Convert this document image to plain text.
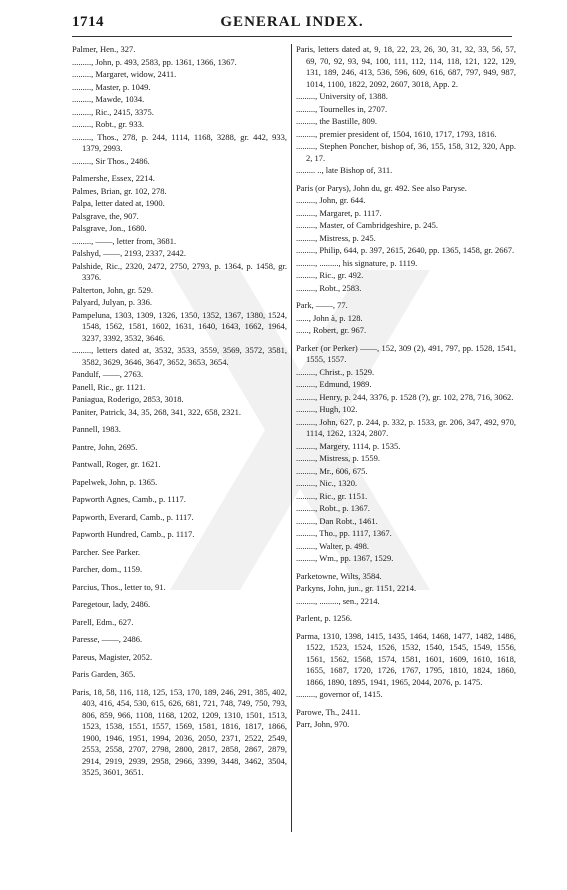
1714	GENERAL INDEX.
Palmer, Hen., 327.
........., John, p. 493, 2583, pp. 1361, 1366, 1367.
........., Margaret, widow, 2411.
........., Master, p. 1049.
........., Mawde, 1034.
........., Ric., 2415, 3375.
........., Robt., gr. 933.
........., Thos., 278, p. 244, 1114, 1168, 3288, gr. 442, 933, 1379, 2993.
........., Sir Thos., 2486.
Palmershe, Essex, 2214.
Palmes, Brian, gr. 102, 278.
Palpa, letter dated at, 1900.
Palsgrave, the, 907.
Palsgrave, Jon., 1680.
........., ——, letter from, 3681.
Palshyd, ——, 2193, 2337, 2442.
Palshide, Ric., 2320, 2472, 2750, 2793, p. 1364, p. 1458, gr. 3376.
Palterton, John, gr. 529.
Palyard, Julyan, p. 336.
Pampeluna, 1303, 1309, 1326, 1350, 1352, 1367, 1380, 1524, 1548, 1562, 1581, 1602, 1631, 1640, 1643, 1662, 1964, 3237, 3392, 3532, 3646.
........., letters dated at, 3532, 3533, 3559, 3569, 3572, 3581, 3582, 3629, 3646, 3647, 3652, 3653, 3654.
Pandulf, ——, 2763.
Panell, Ric., gr. 1121.
Paniagua, Roderigo, 2853, 3018.
Paniter, Patrick, 34, 35, 268, 341, 322, 658, 2321.
Pannell, 1983.
Pantre, John, 2695.
Pantwall, Roger, gr. 1621.
Papelwek, John, p. 1365.
Papworth Agnes, Camb., p. 1117.
Papworth, Everard, Camb., p. 1117.
Papworth Hundred, Camb., p. 1117.
Parcher. See Parker.
Parcher, dom., 1159.
Parcius, Thos., letter to, 91.
Paregetour, lady, 2486.
Parell, Edm., 627.
Paresse, ——, 2486.
Pareus, Magister, 2052.
Paris Garden, 365.
Paris, 18, 58, 116, 118, 125, 153, 170, 189, 246, 291, 385, 402, 403, 416, 454, 530, 615, 626, 681, 721, 748, 749, 750, 793, 806, 859, 966, 1108, 1168, 1202, 1209, 1310, 1501, 1513, 1523, 1538, 1551, 1557, 1569, 1581, 1816, 1817, 1866, 1900, 1946, 1951, 1994, 2036, 2050, 2371, 2522, 2549, 2553, 2558, 2707, 2798, 2800, 2817, 2858, 2867, 2879, 2914, 2919, 2939, 2958, 2966, 3399, 3448, 3462, 3504, 3525, 3601, 3651.
Paris, letters dated at, 9, 18, 22, 23, 26, 30, 31, 32, 33, 56, 57, 69, 70, 92, 93, 94, 100, 111, 112, 114, 118, 121, 122, 129, 131, 189, 246, 413, 536, 596, 609, 616, 687, 797, 949, 987, 1014, 1100, 1822, 2092, 2607, 3018, App. 2.
........., University of, 1388.
........., Tournelles in, 2707.
........., the Bastille, 809.
........., premier president of, 1504, 1610, 1717, 1793, 1816.
........., Stephen Poncher, bishop of, 36, 155, 158, 312, 320, App. 2, 17.
......... .., late Bishop of, 311.
Paris (or Parys), John du, gr. 492. See also Paryse.
........., John, gr. 644.
........., Margaret, p. 1117.
........., Master, of Cambridgeshire, p. 245.
........., Mistress, p. 245.
........., Philip, 644, p. 397, 2615, 2640, pp. 1365, 1458, gr. 2667.
........., ........., his signature, p. 1119.
........., Ric., gr. 492.
........., Robt., 2583.
Park, ——, 77.
......, John à, p. 128.
......, Robert, gr. 967.
Parker (or Perker) ——, 152, 309 (2), 491, 797, pp. 1528, 1541, 1555, 1557.
........., Christ., p. 1529.
........., Edmund, 1989.
........., Henry, p. 244, 3376, p. 1528 (?), gr. 102, 278, 716, 3062.
........., Hugh, 102.
........., John, 627, p. 244, p. 332, p. 1533, gr. 206, 347, 492, 970, 1114, 1262, 1324, 2807.
........., Margery, 1114, p. 1535.
........., Mistress, p. 1559.
........., Mr., 606, 675.
........., Nic., 1320.
........., Ric., gr. 1151.
........., Robt., p. 1367.
........., Dan Robt., 1461.
........., Tho., pp. 1117, 1367.
........., Walter, p. 498.
........., Wm., pp. 1367, 1529.
Parketowne, Wilts, 3584.
Parkyns, John, jun., gr. 1151, 2214.
........., ........., sen., 2214.
Parlent, p. 1256.
Parma, 1310, 1398, 1415, 1435, 1464, 1468, 1477, 1482, 1486, 1522, 1523, 1524, 1526, 1532, 1540, 1545, 1549, 1556, 1561, 1562, 1568, 1574, 1581, 1601, 1609, 1610, 1618, 1655, 1687, 1720, 1726, 1767, 1795, 1810, 1824, 1860, 1866, 1890, 1895, 1941, 1965, 2044, 2076, p. 1475.
........., governor of, 1415.
Parowe, Th., 2411.
Parr, John, 970.
